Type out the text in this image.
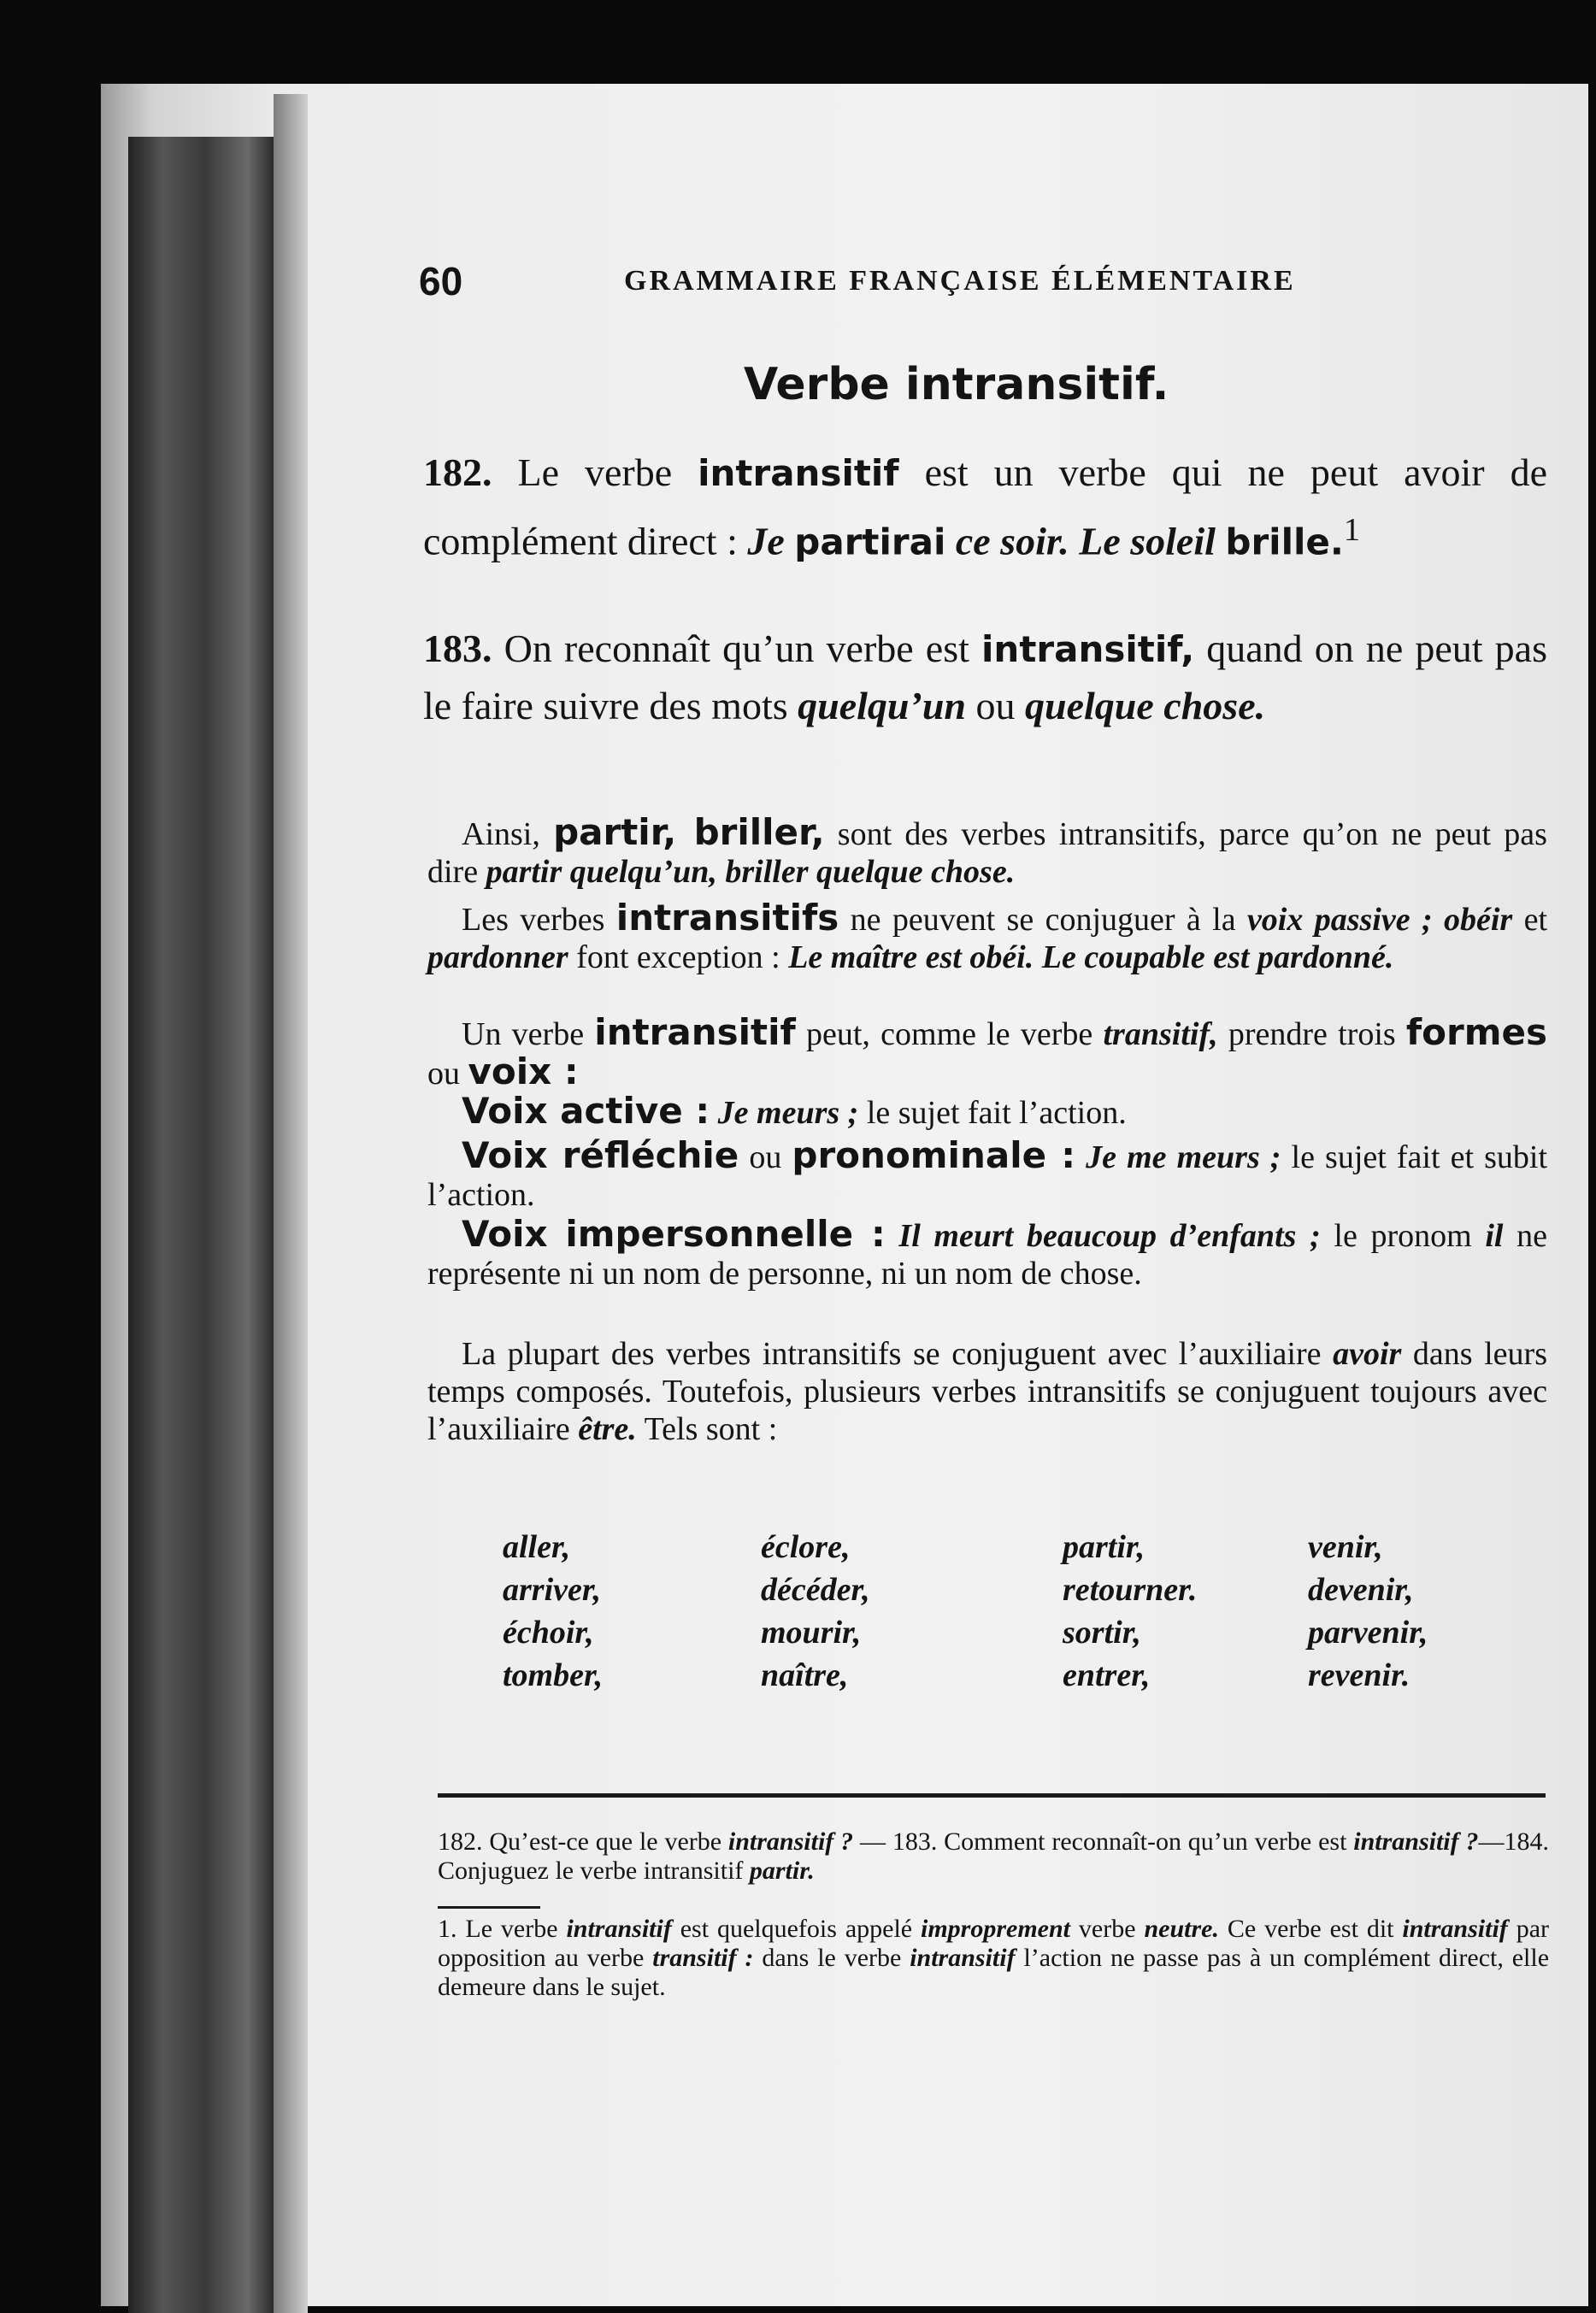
60	GRAMMAIRE FRANÇAISE ÉLÉMENTAIRE
Verbe intransitif.

182. Le verbe intransitif est un verbe qui ne peut avoir de complément direct : Je partirai ce soir. Le soleil brille.$^1$

183. On reconnaît qu’un verbe est intransitif, quand on ne peut pas le faire suivre des mots quelqu’un ou quelque chose.

Ainsi, partir, briller, sont des verbes intransitifs, parce qu’on ne peut pas dire partir quelqu’un, briller quelque chose.

Les verbes intransitifs ne peuvent se conjuguer à la voix passive ; obéir et pardonner font exception : Le maître est obéi. Le coupable est pardonné.

Un verbe intransitif peut, comme le verbe transitif, prendre trois formes ou voix :

Voix active : Je meurs ; le sujet fait l’action.

Voix réfléchie ou pronominale : Je me meurs ; le sujet fait et subit l’action.

Voix impersonnelle : Il meurt beaucoup d’enfants ; le pronom il ne représente ni un nom de personne, ni un nom de chose.

La plupart des verbes intransitifs se conjuguent avec l’auxiliaire avoir dans leurs temps composés. Toutefois, plusieurs verbes intransitifs se conjuguent toujours avec l’auxiliaire être. Tels sont :

aller,
arriver,
échoir,
tomber,
éclore,
décéder,
mourir,
naître,
partir,
retourner.
sortir,
entrer,
venir,
devenir,
parvenir,
revenir.

182. Qu’est-ce que le verbe intransitif ? — 183. Comment reconnaît-on qu’un verbe est intransitif ?—184. Conjuguez le verbe intransitif partir.

1. Le verbe intransitif est quelquefois appelé improprement verbe neutre. Ce verbe est dit intransitif par opposition au verbe transitif : dans le verbe intransitif l’action ne passe pas à un complément direct, elle demeure dans le sujet.
